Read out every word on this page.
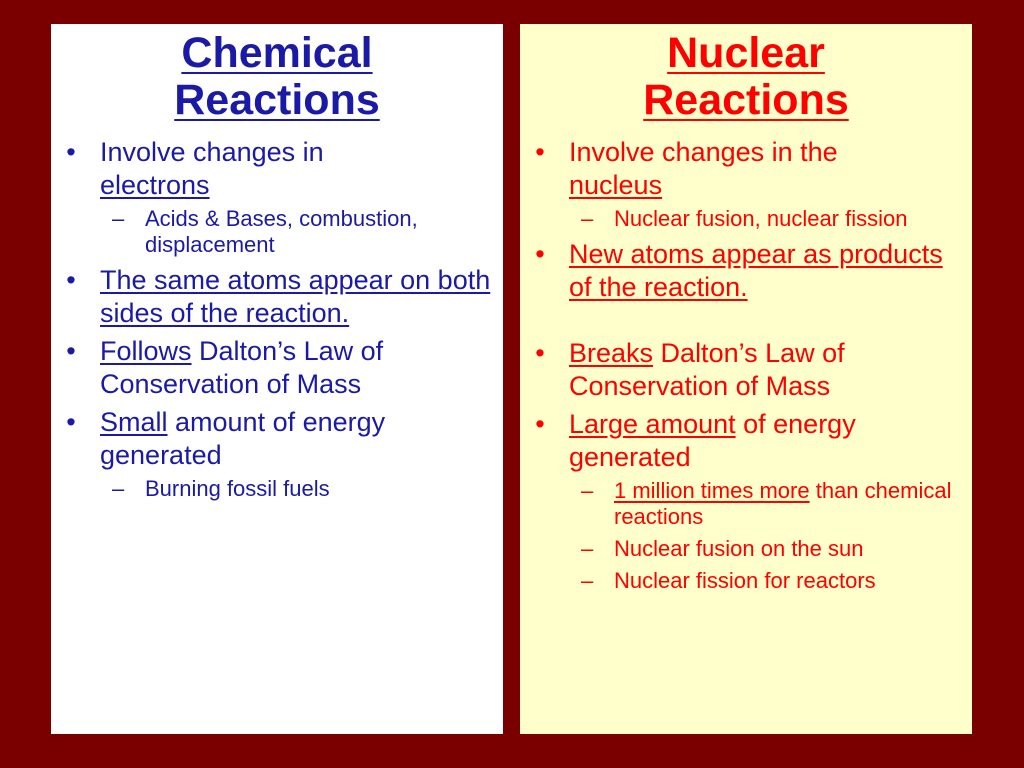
Chemical
Reactions
• Involve changes in
electrons
– Acids & Bases, combustion, displacement
• The same atoms appear on both sides of the reaction.
• Follows Dalton’s Law of Conservation of Mass
• Small amount of energy generated
– Burning fossil fuels
Nuclear
Reactions
• Involve changes in the
nucleus
– Nuclear fusion, nuclear fission
• New atoms appear as products of the reaction.
• Breaks Dalton’s Law of Conservation of Mass
• Large amount of energy generated
– 1 million times more than chemical reactions
– Nuclear fusion on the sun
– Nuclear fission for reactors
